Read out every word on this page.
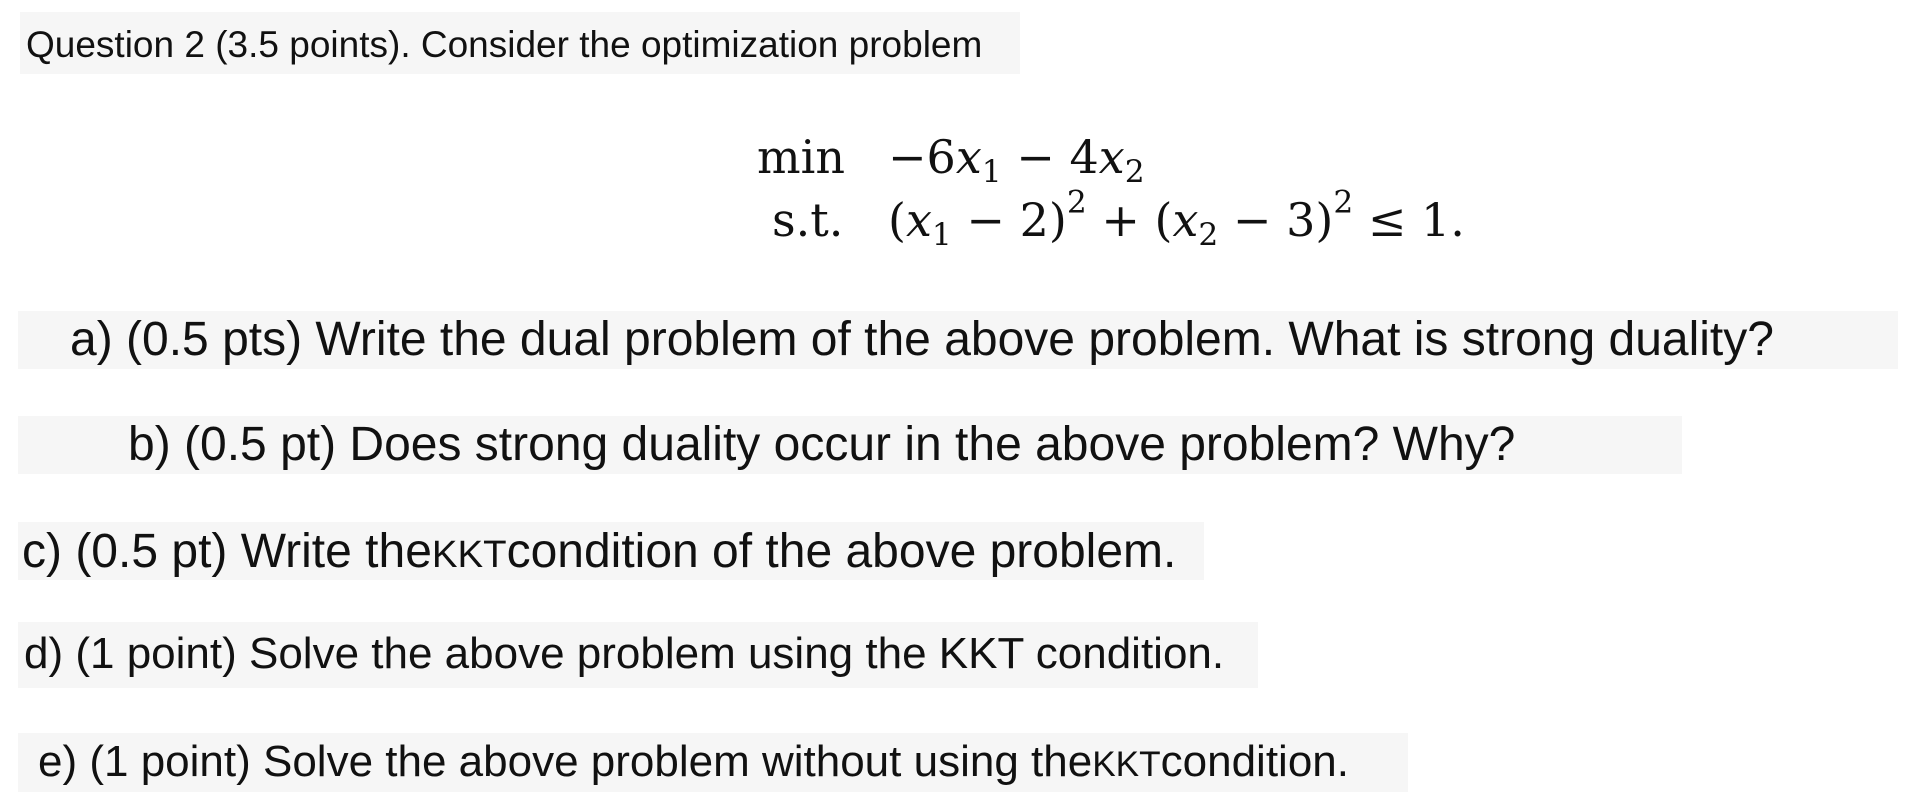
Question 2 (3.5 points). Consider the optimization problem
$\min -6x_1 - 4x_2$
s.t. $(x_1 - 2)^2 + (x_2 - 3)^2 \le 1$.
a) (0.5 pts) Write the dual problem of the above problem. What is strong duality?
b) (0.5 pt) Does strong duality occur in the above problem? Why?
c) (0.5 pt) Write theKKTcondition of the above problem.
d) (1 point) Solve the above problem using the KKT condition.
e) (1 point) Solve the above problem without using theKKTcondition.
